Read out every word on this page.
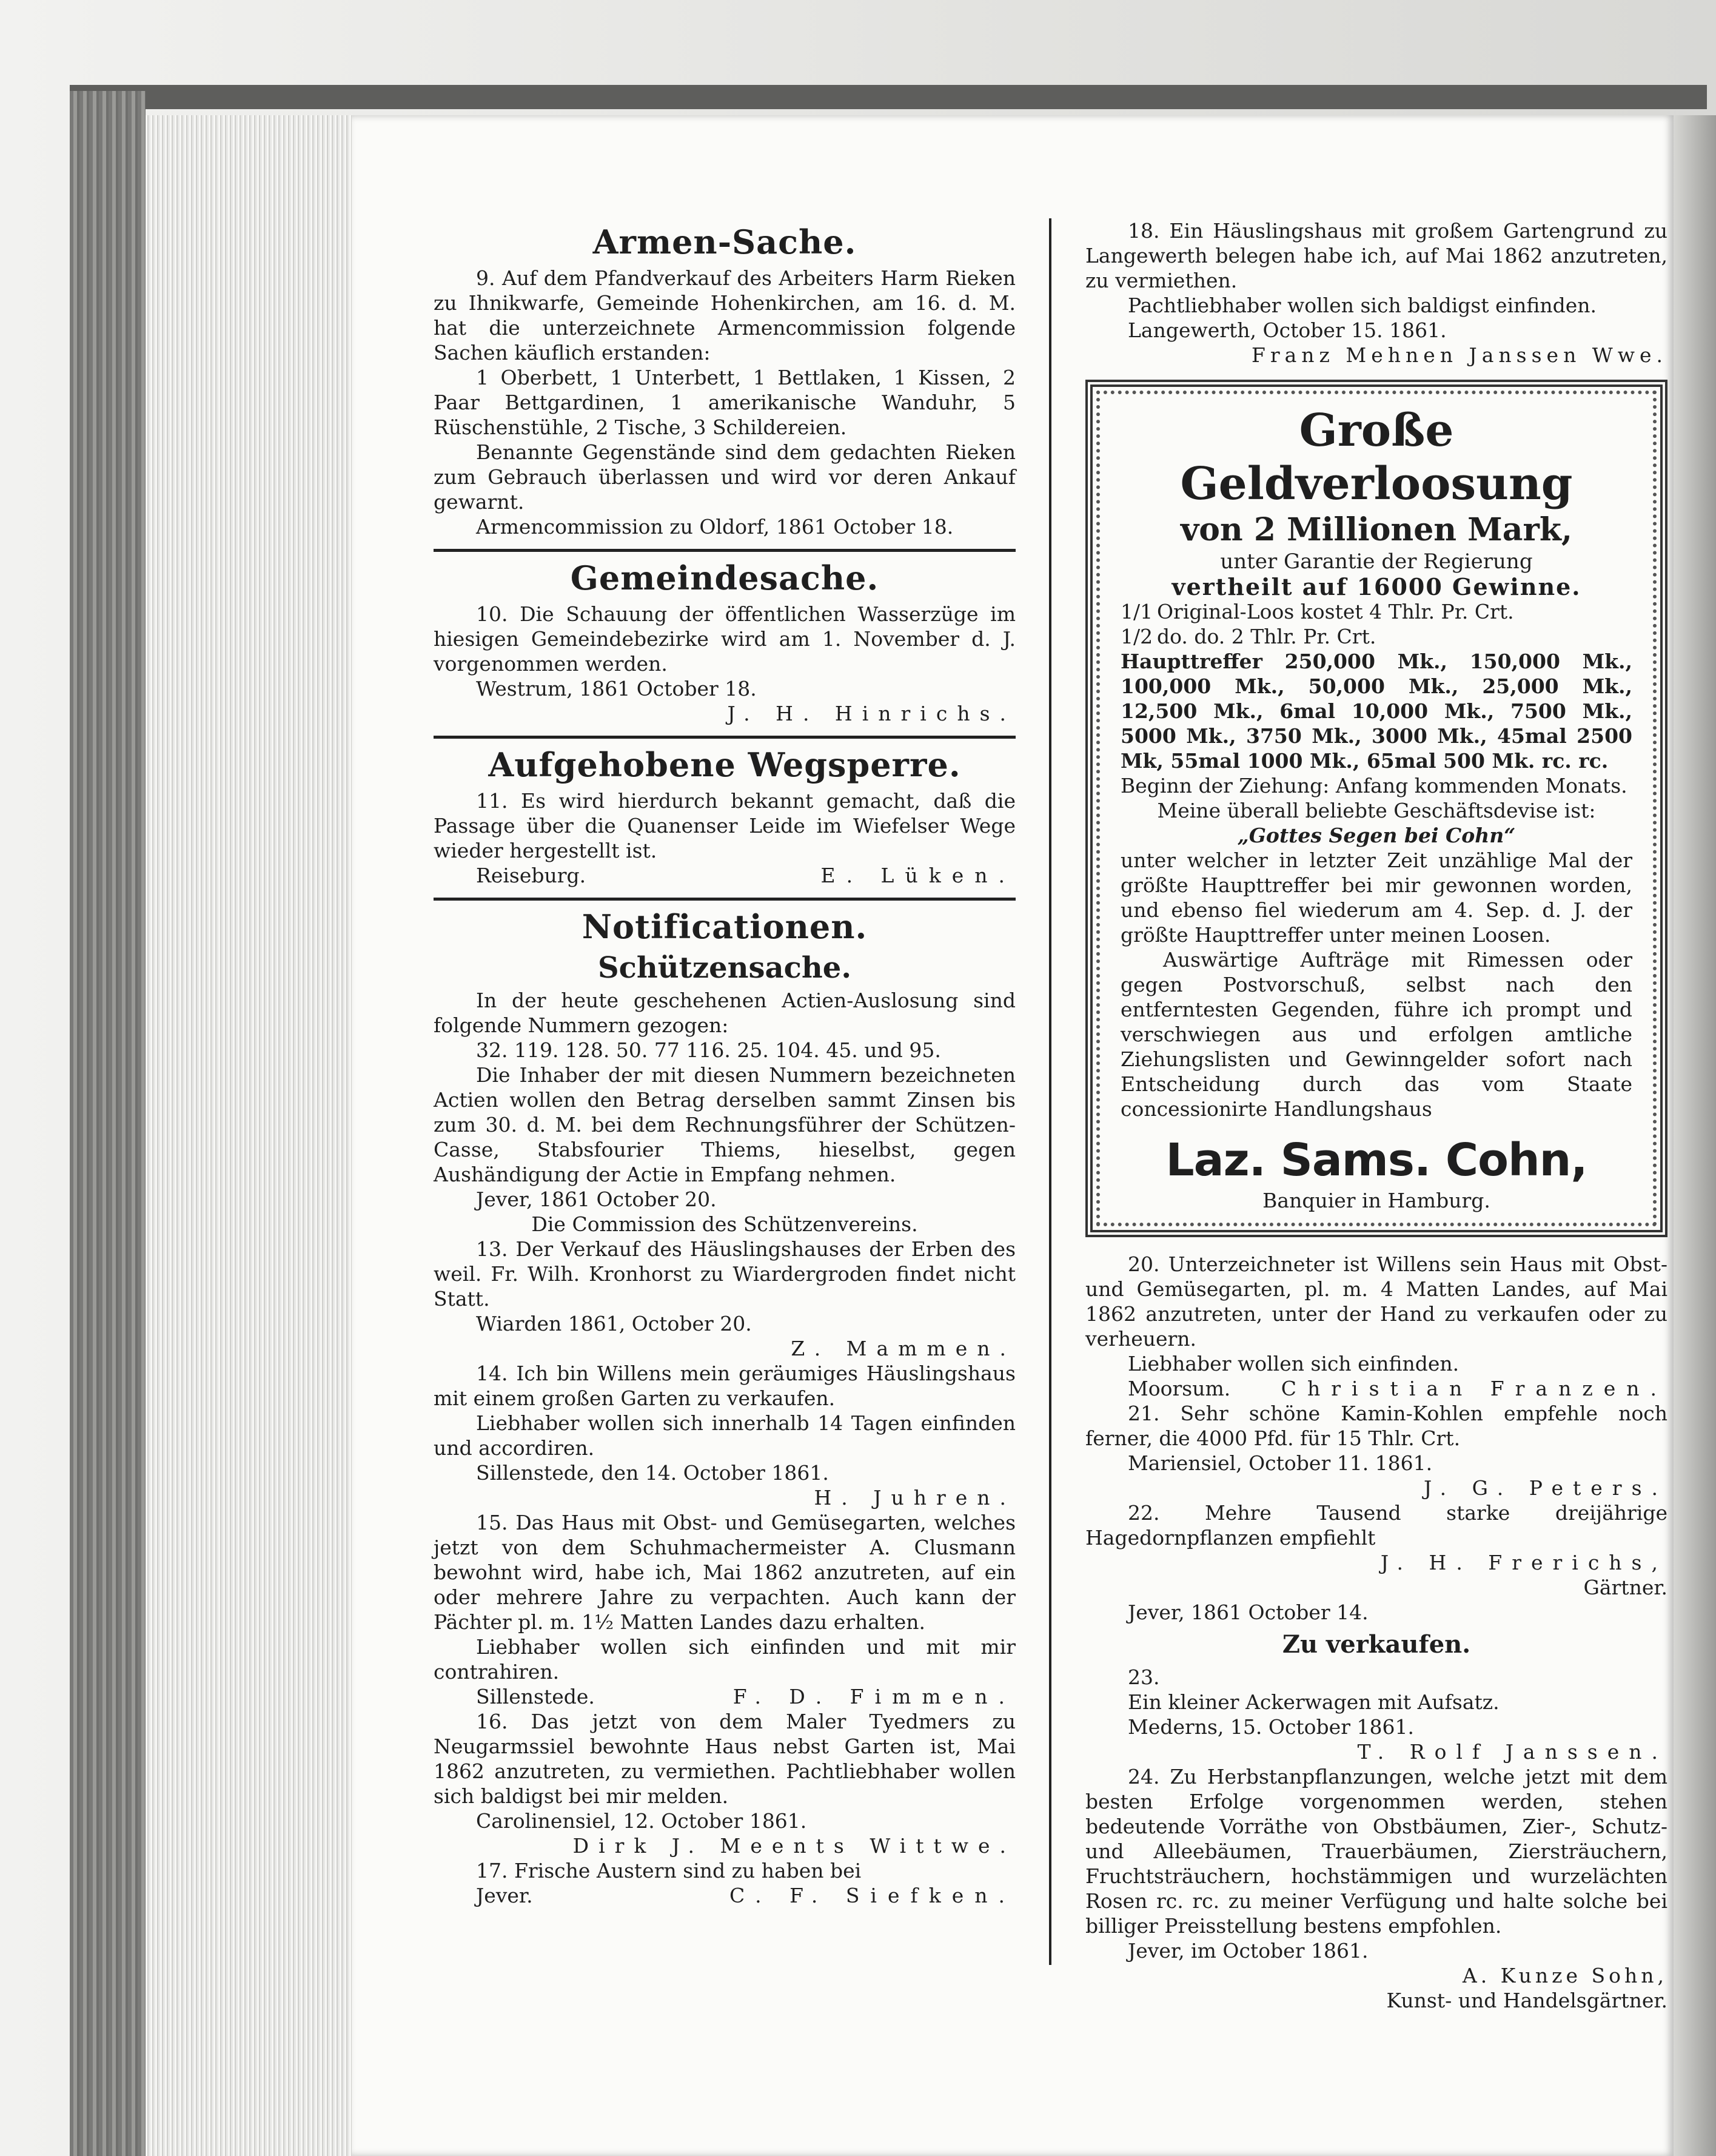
Armen-Sache.

9. Auf dem Pfandverkauf des Arbeiters Harm Rieken zu Ihnikwarfe, Gemeinde Hohenkirchen, am 16. d. M. hat die unterzeichnete Armencommission folgende Sachen käuflich erstanden:

1 Oberbett, 1 Unterbett, 1 Bettlaken, 1 Kissen, 2 Paar Bettgardinen, 1 amerikanische Wanduhr, 5 Rüschenstühle, 2 Tische, 3 Schildereien.

Benannte Gegenstände sind dem gedachten Rieken zum Gebrauch überlassen und wird vor deren Ankauf gewarnt.

Armencommission zu Oldorf, 1861 October 18.

Gemeindesache.

10. Die Schauung der öffentlichen Wasserzüge im hiesigen Gemeindebezirke wird am 1. November d. J. vorgenommen werden.

Westrum, 1861 October 18.

J. H. Hinrichs.

Aufgehobene Wegsperre.

11. Es wird hierdurch bekannt gemacht, daß die Passage über die Quanenser Leide im Wiefelser Wege wieder hergestellt ist.

Reiseburg.	E. Lüken.
Notificationen.
Schützensache.

In der heute geschehenen Actien-Auslosung sind folgende Nummern gezogen:

32. 119. 128. 50. 77 116. 25. 104. 45. und 95.

Die Inhaber der mit diesen Nummern bezeichneten Actien wollen den Betrag derselben sammt Zinsen bis zum 30. d. M. bei dem Rechnungsführer der Schützen-Casse, Stabsfourier Thiems, hieselbst, gegen Aushändigung der Actie in Empfang nehmen.

Jever, 1861 October 20.

Die Commission des Schützenvereins.

13. Der Verkauf des Häuslingshauses der Erben des weil. Fr. Wilh. Kronhorst zu Wiardergroden findet nicht Statt.

Wiarden 1861, October 20.

Z. Mammen.

14. Ich bin Willens mein geräumiges Häuslingshaus mit einem großen Garten zu verkaufen.

Liebhaber wollen sich innerhalb 14 Tagen einfinden und accordiren.

Sillenstede, den 14. October 1861.

H. Juhren.

15. Das Haus mit Obst- und Gemüsegarten, welches jetzt von dem Schuhmachermeister A. Clusmann bewohnt wird, habe ich, Mai 1862 anzutreten, auf ein oder mehrere Jahre zu verpachten. Auch kann der Pächter pl. m. 1½ Matten Landes dazu erhalten.

Liebhaber wollen sich einfinden und mit mir contrahiren.

Sillenstede.	F. D. Fimmen.

16. Das jetzt von dem Maler Tyedmers zu Neugarmssiel bewohnte Haus nebst Garten ist, Mai 1862 anzutreten, zu vermiethen. Pachtliebhaber wollen sich baldigst bei mir melden.

Carolinensiel, 12. October 1861.

Dirk J. Meents Wittwe.

17. Frische Austern sind zu haben bei

Jever.	C. F. Siefken.

18. Ein Häuslingshaus mit großem Gartengrund zu Langewerth belegen habe ich, auf Mai 1862 anzutreten, zu vermiethen.

Pachtliebhaber wollen sich baldigst einfinden.

Langewerth, October 15. 1861.

Franz Mehnen Janssen Wwe.

Große Geldverloosung
von 2 Millionen Mark,
unter Garantie der Regierung
vertheilt auf 16000 Gewinne.
1/1 Original-Loos kostet 4 Thlr. Pr. Crt.
1/2 do. do. 2 Thlr. Pr. Crt.

Haupttreffer 250,000 Mk., 150,000 Mk., 100,000 Mk., 50,000 Mk., 25,000 Mk., 12,500 Mk., 6mal 10,000 Mk., 7500 Mk., 5000 Mk., 3750 Mk., 3000 Mk., 45mal 2500 Mk, 55mal 1000 Mk., 65mal 500 Mk. rc. rc.

Beginn der Ziehung: Anfang kommenden Monats.

Meine überall beliebte Geschäftsdevise ist:

„Gottes Segen bei Cohn“

unter welcher in letzter Zeit unzählige Mal der größte Haupttreffer bei mir gewonnen worden, und ebenso fiel wiederum am 4. Sep. d. J. der größte Haupttreffer unter meinen Loosen.

Auswärtige Aufträge mit Rimessen oder gegen Postvorschuß, selbst nach den entferntesten Gegenden, führe ich prompt und verschwiegen aus und erfolgen amtliche Ziehungslisten und Gewinngelder sofort nach Entscheidung durch das vom Staate concessionirte Handlungshaus

Laz. Sams. Cohn,

Banquier in Hamburg.

20. Unterzeichneter ist Willens sein Haus mit Obst- und Gemüsegarten, pl. m. 4 Matten Landes, auf Mai 1862 anzutreten, unter der Hand zu verkaufen oder zu verheuern.

Liebhaber wollen sich einfinden.

Moorsum.	Christian Franzen.

21. Sehr schöne Kamin-Kohlen empfehle noch ferner, die 4000 Pfd. für 15 Thlr. Crt.

Mariensiel, October 11. 1861.

J. G. Peters.

22. Mehre Tausend starke dreijährige Hagedornpflanzen empfiehlt

J. H. Frerichs,

Gärtner.

Jever, 1861 October 14.

Zu verkaufen.

23.

Ein kleiner Ackerwagen mit Aufsatz.

Mederns, 15. October 1861.

T. Rolf Janssen.

24. Zu Herbstanpflanzungen, welche jetzt mit dem besten Erfolge vorgenommen werden, stehen bedeutende Vorräthe von Obstbäumen, Zier-, Schutz- und Alleebäumen, Trauerbäumen, Ziersträuchern, Fruchtsträuchern, hochstämmigen und wurzelächten Rosen rc. rc. zu meiner Verfügung und halte solche bei billiger Preisstellung bestens empfohlen.

Jever, im October 1861.

A. Kunze Sohn,

Kunst- und Handelsgärtner.
